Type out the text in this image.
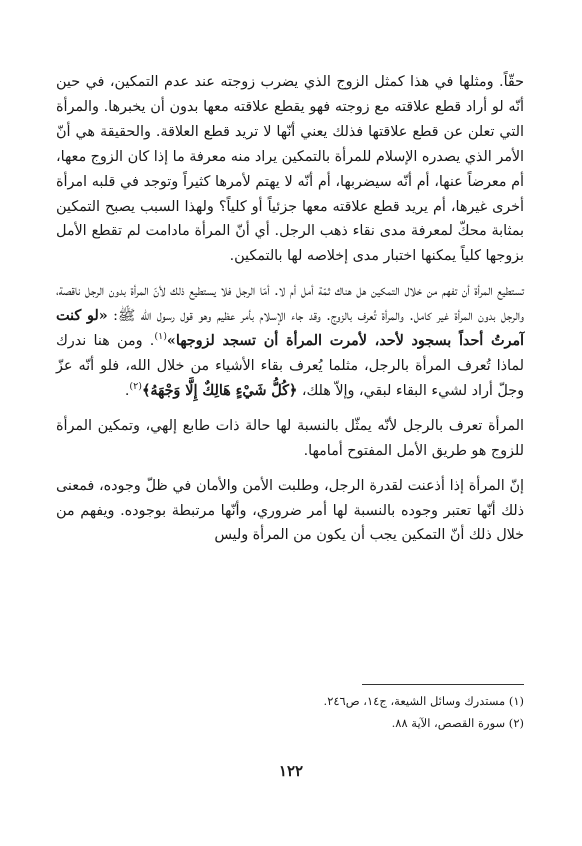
حقّاً. ومثلها في هذا كمثل الزوج الذي يضرب زوجته عند عدم التمكين، في حين أنّه لو أراد قطع علاقته مع زوجته فهو يقطع علاقته معها بدون أن يخبرها. والمرأة التي تعلن عن قطع علاقتها فذلك يعني أنّها لا تريد قطع العلاقة. والحقيقة هي أنّ الأمر الذي يصدره الإسلام للمرأة بالتمكين يراد منه معرفة ما إذا كان الزوج معها، أم معرضاً عنها، أم أنّه سيضربها، أم أنّه لا يهتم لأمرها كثيراً وتوجد في قلبه امرأة أخرى غيرها، أم يريد قطع علاقته معها جزئياً أو كلياً؟ ولهذا السبب يصبح التمكين بمثابة محكّ لمعرفة مدى نقاء ذهب الرجل. أي أنّ المرأة مادامت لم تقطع الأمل بزوجها كلياً يمكنها اختبار مدى إخلاصه لها بالتمكين.

تستطيع المرأة أن تفهم من خلال التمكين هل هناك ثمّة أمل أم لا. أمّا الرجل فلا يستطيع ذلك لأنّ المرأة بدون الرجل ناقصة، والرجل بدون المرأة غير كامل. والمرأة تُعرف بالزوج. وقد جاء الإسلام بأمر عظيم وهو قول رسول الله ﷺ: «لو كنت آمرتُ أحداً بسجود لأحد، لأمرت المرأة أن تسجد لزوجها»$^{(١)}$. ومن هنا ندرك لماذا تُعرف المرأة بالرجل، مثلما يُعرف بقاء الأشياء من خلال الله، فلو أنّه عزّ وجلّ أراد لشيء البقاء لبقي، وإلاّ هلك، ﴿كُلُّ شَيْءٍ هَالِكٌ إِلَّا وَجْهَهُ﴾$^{(٢)}$.

المرأة تعرف بالرجل لأنّه يمثّل بالنسبة لها حالة ذات طابع إلهي، وتمكين المرأة للزوج هو طريق الأمل المفتوح أمامها.

إنّ المرأة إذا أذعنت لقدرة الرجل، وطلبت الأمن والأمان في ظلّ وجوده، فمعنى ذلك أنّها تعتبر وجوده بالنسبة لها أمر ضروري، وأنّها مرتبطة بوجوده. ويفهم من خلال ذلك أنّ التمكين يجب أن يكون من المرأة وليس

(١) مستدرك وسائل الشيعة، ج١٤، ص٢٤٦.
(٢) سورة القصص، الآية ٨٨.
١٢٢
